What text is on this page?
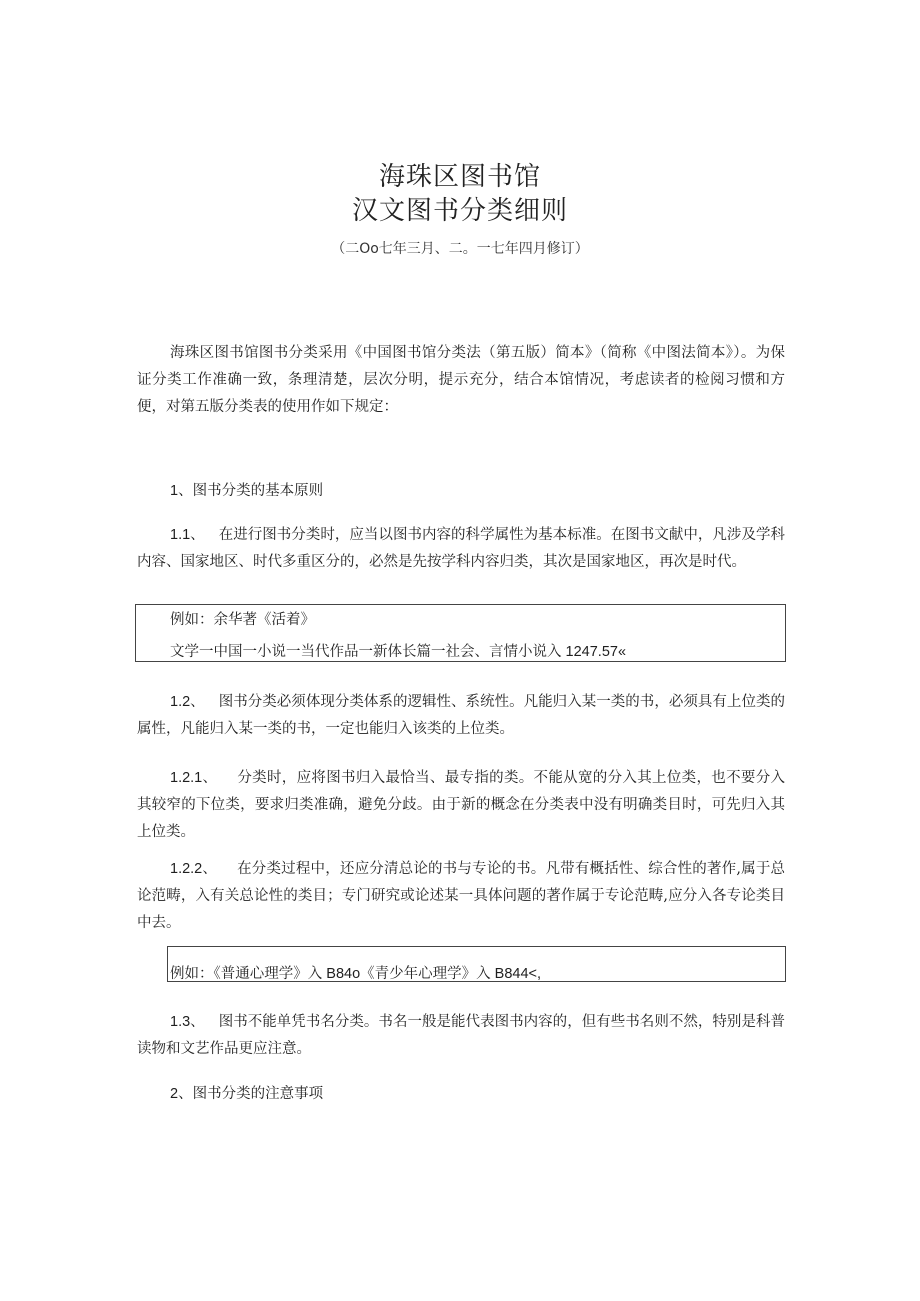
海珠区图书馆
汉文图书分类细则
（二Oo七年三月、二。一七年四月修订）

海珠区图书馆图书分类采用《中国图书馆分类法（第五版）简本》（简称《中图法简本》）。为保证分类工作准确一致，条理清楚，层次分明，提示充分，结合本馆情况，考虑读者的检阅习惯和方便，对第五版分类表的使用作如下规定：

1、图书分类的基本原则

1.1、 在进行图书分类时，应当以图书内容的科学属性为基本标准。在图书文献中，凡涉及学科内容、国家地区、时代多重区分的，必然是先按学科内容归类，其次是国家地区，再次是时代。

例如：余华著《活着》
文学一中国一小说一当代作品一新体长篇一社会、言情小说入 1247.57«

1.2、 图书分类必须体现分类体系的逻辑性、系统性。凡能归入某一类的书，必须具有上位类的属性，凡能归入某一类的书，一定也能归入该类的上位类。

1.2.1、 分类时，应将图书归入最恰当、最专指的类。不能从宽的分入其上位类，也不要分入其较窄的下位类，要求归类准确，避免分歧。由于新的概念在分类表中没有明确类目时，可先归入其上位类。

1.2.2、 在分类过程中，还应分清总论的书与专论的书。凡带有概括性、综合性的著作,属于总论范畴，入有关总论性的类目；专门研究或论述某一具体问题的著作属于专论范畴,应分入各专论类目中去。

例如：《普通心理学》入 B84o《青少年心理学》入 B844<,

1.3、 图书不能单凭书名分类。书名一般是能代表图书内容的，但有些书名则不然，特别是科普读物和文艺作品更应注意。

2、图书分类的注意事项
